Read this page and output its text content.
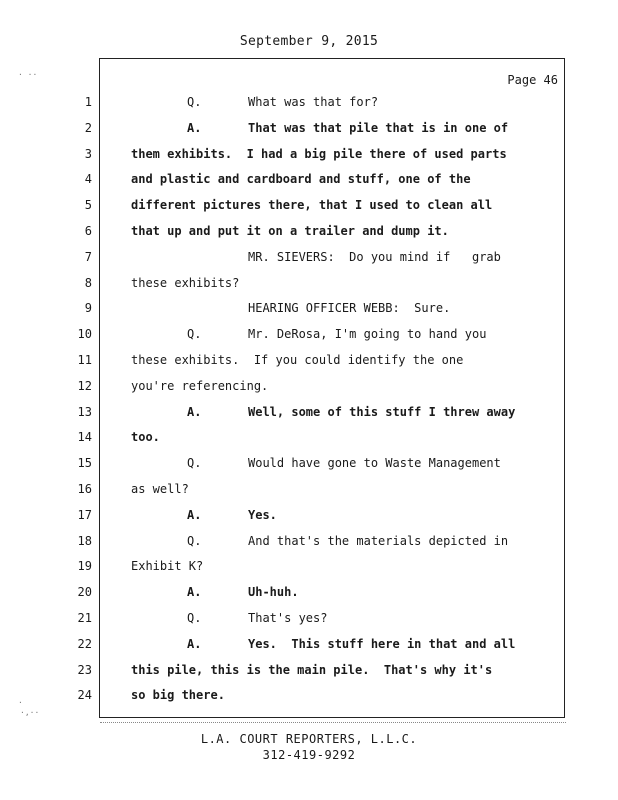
September 9, 2015
Page 46
1	Q.	What was that for?
2	A.	That was that pile that is in one of
3	them exhibits.  I had a big pile there of used parts
4	and plastic and cardboard and stuff, one of the
5	different pictures there, that I used to clean all
6	that up and put it on a trailer and dump it.
7	MR. SIEVERS:  Do you mind if   grab
8	these exhibits?
9	HEARING OFFICER WEBB:  Sure.
10	Q.	Mr. DeRosa, I'm going to hand you
11	these exhibits.  If you could identify the one
12	you're referencing.
13	A.	Well, some of this stuff I threw away
14	too.
15	Q.	Would have gone to Waste Management
16	as well?
17	A.	Yes.
18	Q.	And that's the materials depicted in
19	Exhibit K?
20	A.	Uh-huh.
21	Q.	That's yes?
22	A.	Yes.  This stuff here in that and all
23	this pile, this is the main pile.  That's why it's
24	so big there.
· ··
·
·,··
L.A. COURT REPORTERS, L.L.C.
312-419-9292
